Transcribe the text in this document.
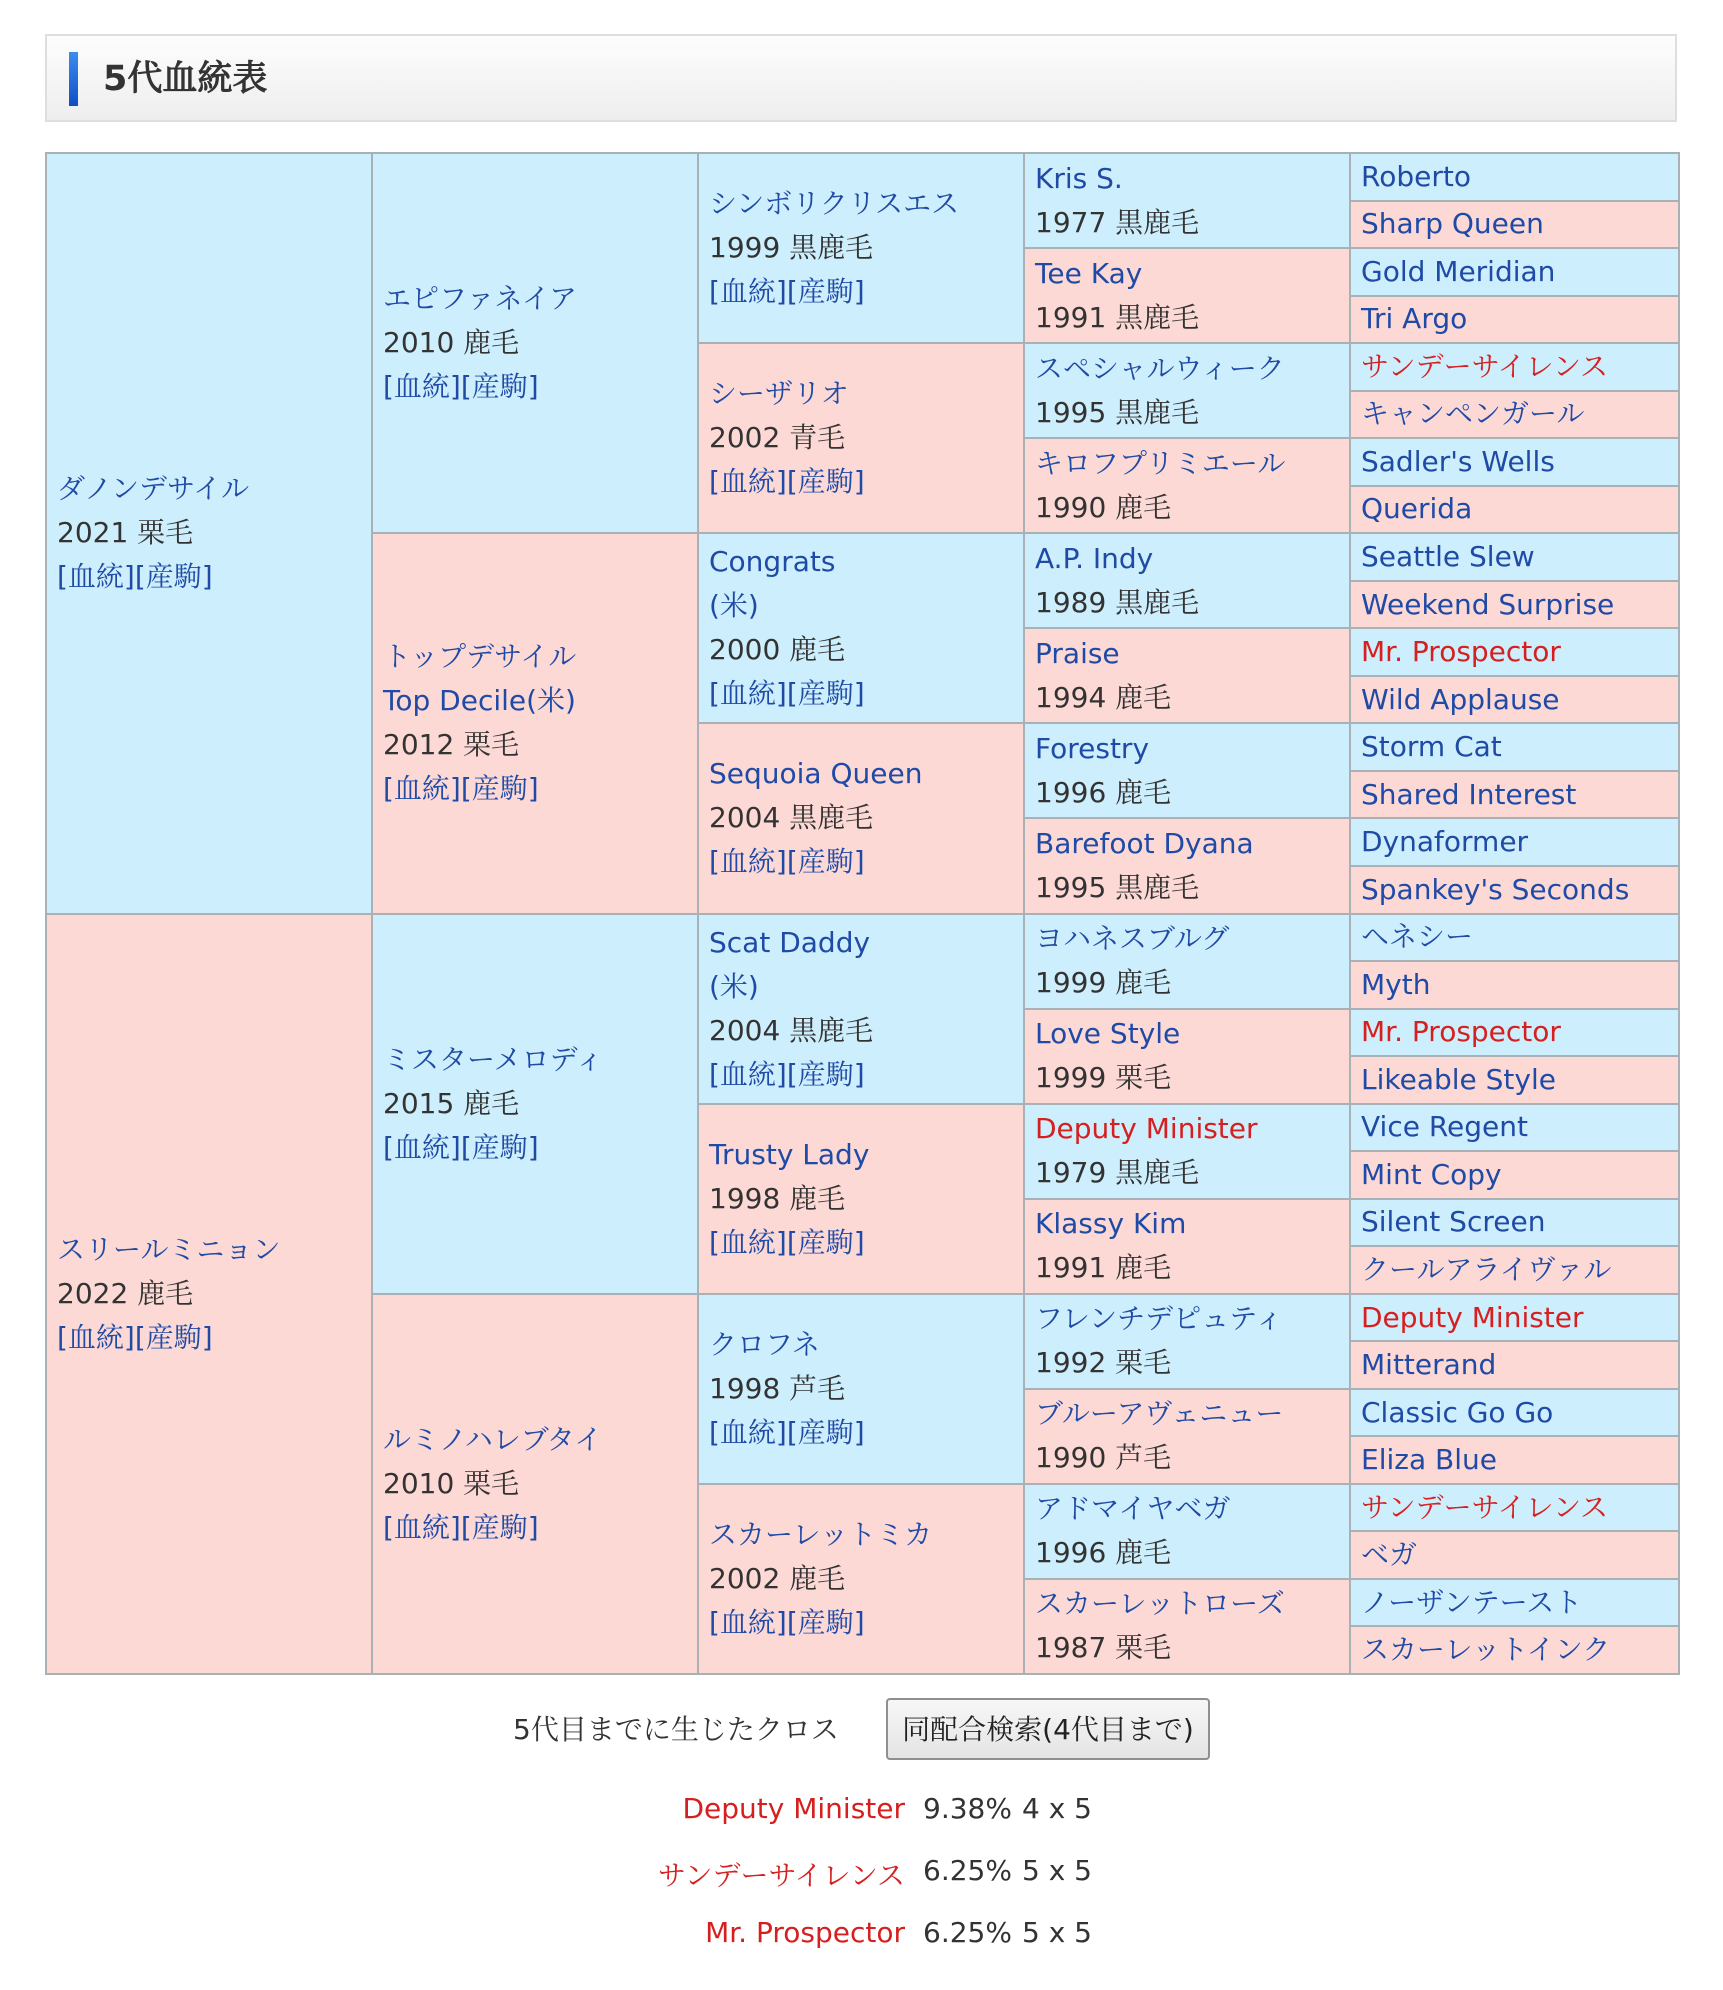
5代血統表
ダノンデサイル
2021 栗毛
[血統][産駒]	エピファネイア
2010 鹿毛
[血統][産駒]	シンボリクリスエス
1999 黒鹿毛
[血統][産駒]	Kris S.
1977 黒鹿毛	Roberto

				Sharp Queen

			Tee Kay
1991 黒鹿毛	Gold Meridian

				Tri Argo

		シーザリオ
2002 青毛
[血統][産駒]	スペシャルウィーク
1995 黒鹿毛	サンデーサイレンス

				キャンペンガール

			キロフプリミエール
1990 鹿毛	Sadler's Wells

				Querida

	トップデサイル
Top Decile(米)
2012 栗毛
[血統][産駒]	Congrats
(米)
2000 鹿毛
[血統][産駒]	A.P. Indy
1989 黒鹿毛	Seattle Slew

				Weekend Surprise

			Praise
1994 鹿毛	Mr. Prospector

				Wild Applause

		Sequoia Queen
2004 黒鹿毛
[血統][産駒]	Forestry
1996 鹿毛	Storm Cat

				Shared Interest

			Barefoot Dyana
1995 黒鹿毛	Dynaformer

				Spankey's Seconds

スリールミニョン
2022 鹿毛
[血統][産駒]	ミスターメロディ
2015 鹿毛
[血統][産駒]	Scat Daddy
(米)
2004 黒鹿毛
[血統][産駒]	ヨハネスブルグ
1999 鹿毛	ヘネシー

				Myth

			Love Style
1999 栗毛	Mr. Prospector

				Likeable Style

		Trusty Lady
1998 鹿毛
[血統][産駒]	Deputy Minister
1979 黒鹿毛	Vice Regent

				Mint Copy

			Klassy Kim
1991 鹿毛	Silent Screen

				クールアライヴァル

	ルミノハレブタイ
2010 栗毛
[血統][産駒]	クロフネ
1998 芦毛
[血統][産駒]	フレンチデピュティ
1992 栗毛	Deputy Minister

				Mitterand

			ブルーアヴェニュー
1990 芦毛	Classic Go Go

				Eliza Blue

		スカーレットミカ
2002 鹿毛
[血統][産駒]	アドマイヤベガ
1996 鹿毛	サンデーサイレンス

				ベガ

			スカーレットローズ
1987 栗毛	ノーザンテースト

				スカーレットインク
5代目までに生じたクロス	同配合検索(4代目まで)
Deputy Minister 9.38% 4 x 5
サンデーサイレンス 6.25% 5 x 5
Mr. Prospector 6.25% 5 x 5
